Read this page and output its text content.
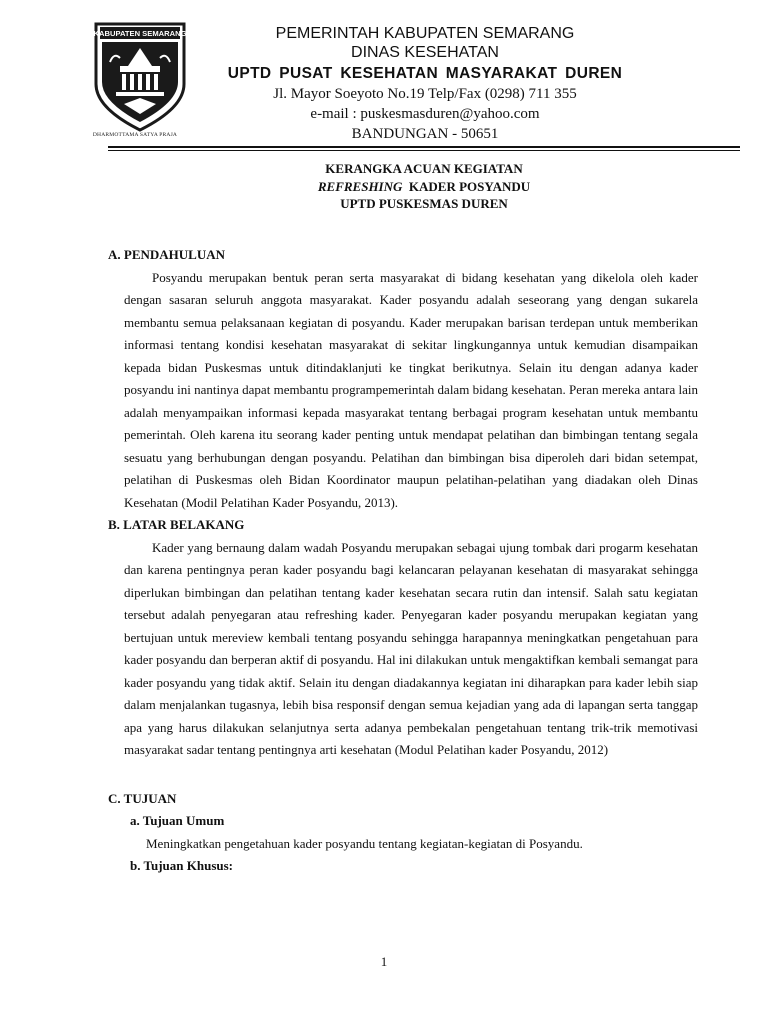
KABUPATEN SEMARANG
DHARMOTTAMA SATYA PRAJA
PEMERINTAH KABUPATEN SEMARANG
DINAS KESEHATAN
UPTD PUSAT KESEHATAN MASYARAKAT DUREN
Jl. Mayor Soeyoto No.19 Telp/Fax (0298) 711 355
e-mail : puskesmasduren@yahoo.com
BANDUNGAN - 50651
KERANGKA ACUAN KEGIATAN
REFRESHING  KADER POSYANDU
UPTD PUSKESMAS DUREN

A. PENDAHULUAN

Posyandu merupakan bentuk peran serta masyarakat di bidang kesehatan yang dikelola oleh kader dengan sasaran seluruh anggota masyarakat. Kader posyandu adalah seseorang yang dengan sukarela membantu semua pelaksanaan kegiatan di posyandu. Kader merupakan barisan terdepan untuk memberikan informasi tentang kondisi kesehatan masyarakat di sekitar lingkungannya untuk kemudian disampaikan kepada bidan Puskesmas untuk ditindaklanjuti ke tingkat berikutnya. Selain itu dengan adanya kader posyandu ini nantinya dapat membantu programpemerintah dalam bidang kesehatan. Peran mereka antara lain adalah menyampaikan informasi kepada masyarakat tentang berbagai program kesehatan untuk membantu pemerintah. Oleh karena itu seorang kader penting untuk mendapat pelatihan dan bimbingan tentang segala sesuatu yang berhubungan dengan posyandu. Pelatihan dan bimbingan bisa diperoleh dari bidan setempat, pelatihan di Puskesmas oleh Bidan Koordinator maupun pelatihan-pelatihan yang diadakan oleh Dinas Kesehatan (Modil Pelatihan Kader Posyandu, 2013).

B. LATAR BELAKANG

Kader yang bernaung dalam wadah Posyandu merupakan sebagai ujung tombak dari progarm kesehatan dan karena pentingnya peran kader posyandu bagi kelancaran pelayanan kesehatan di masyarakat sehingga diperlukan bimbingan dan pelatihan tentang kader kesehatan secara rutin dan intensif. Salah satu kegiatan tersebut adalah penyegaran atau refreshing kader. Penyegaran kader posyandu merupakan kegiatan yang bertujuan untuk mereview kembali tentang posyandu sehingga harapannya meningkatkan pengetahuan para kader posyandu dan berperan aktif di posyandu. Hal ini dilakukan untuk mengaktifkan kembali semangat para kader posyandu yang tidak aktif. Selain itu dengan diadakannya kegiatan ini diharapkan para kader lebih siap dalam menjalankan tugasnya, lebih bisa responsif dengan semua kejadian yang ada di lapangan serta tanggap apa yang harus dilakukan selanjutnya serta adanya pembekalan pengetahuan tentang trik-trik memotivasi masyarakat sadar tentang pentingnya arti kesehatan (Modul Pelatihan kader Posyandu, 2012)

C. TUJUAN

a. Tujuan Umum

Meningkatkan pengetahuan kader posyandu tentang kegiatan-kegiatan di Posyandu.

b. Tujuan Khusus:

1
